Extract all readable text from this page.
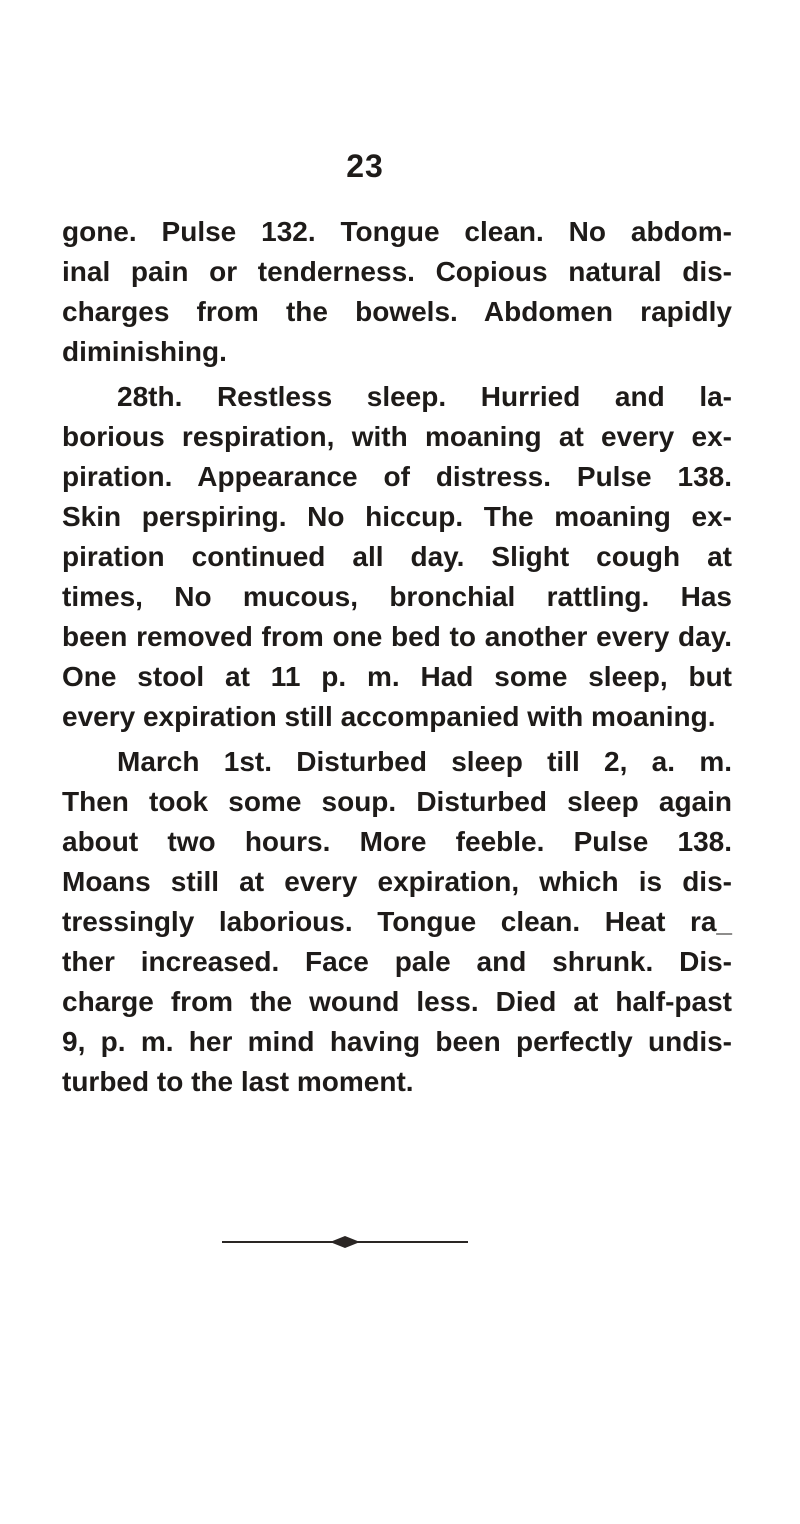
23
gone. Pulse 132. Tongue clean. No abdom-
inal pain or tenderness. Copious natural dis-
charges from the bowels. Abdomen rapidly
diminishing.
28th. Restless sleep. Hurried and la-
borious respiration, with moaning at every ex-
piration. Appearance of distress. Pulse 138.
Skin perspiring. No hiccup. The moaning ex-
piration continued all day. Slight cough at
times, No mucous, bronchial rattling. Has
been removed from one bed to another every day.
One stool at 11 p. m. Had some sleep, but
every expiration still accompanied with moaning.
March 1st. Disturbed sleep till 2, a. m.
Then took some soup. Disturbed sleep again
about two hours. More feeble. Pulse 138.
Moans still at every expiration, which is dis-
tressingly laborious. Tongue clean. Heat ra_
ther increased. Face pale and shrunk. Dis-
charge from the wound less. Died at half-past
9, p. m. her mind having been perfectly undis-
turbed to the last moment.
